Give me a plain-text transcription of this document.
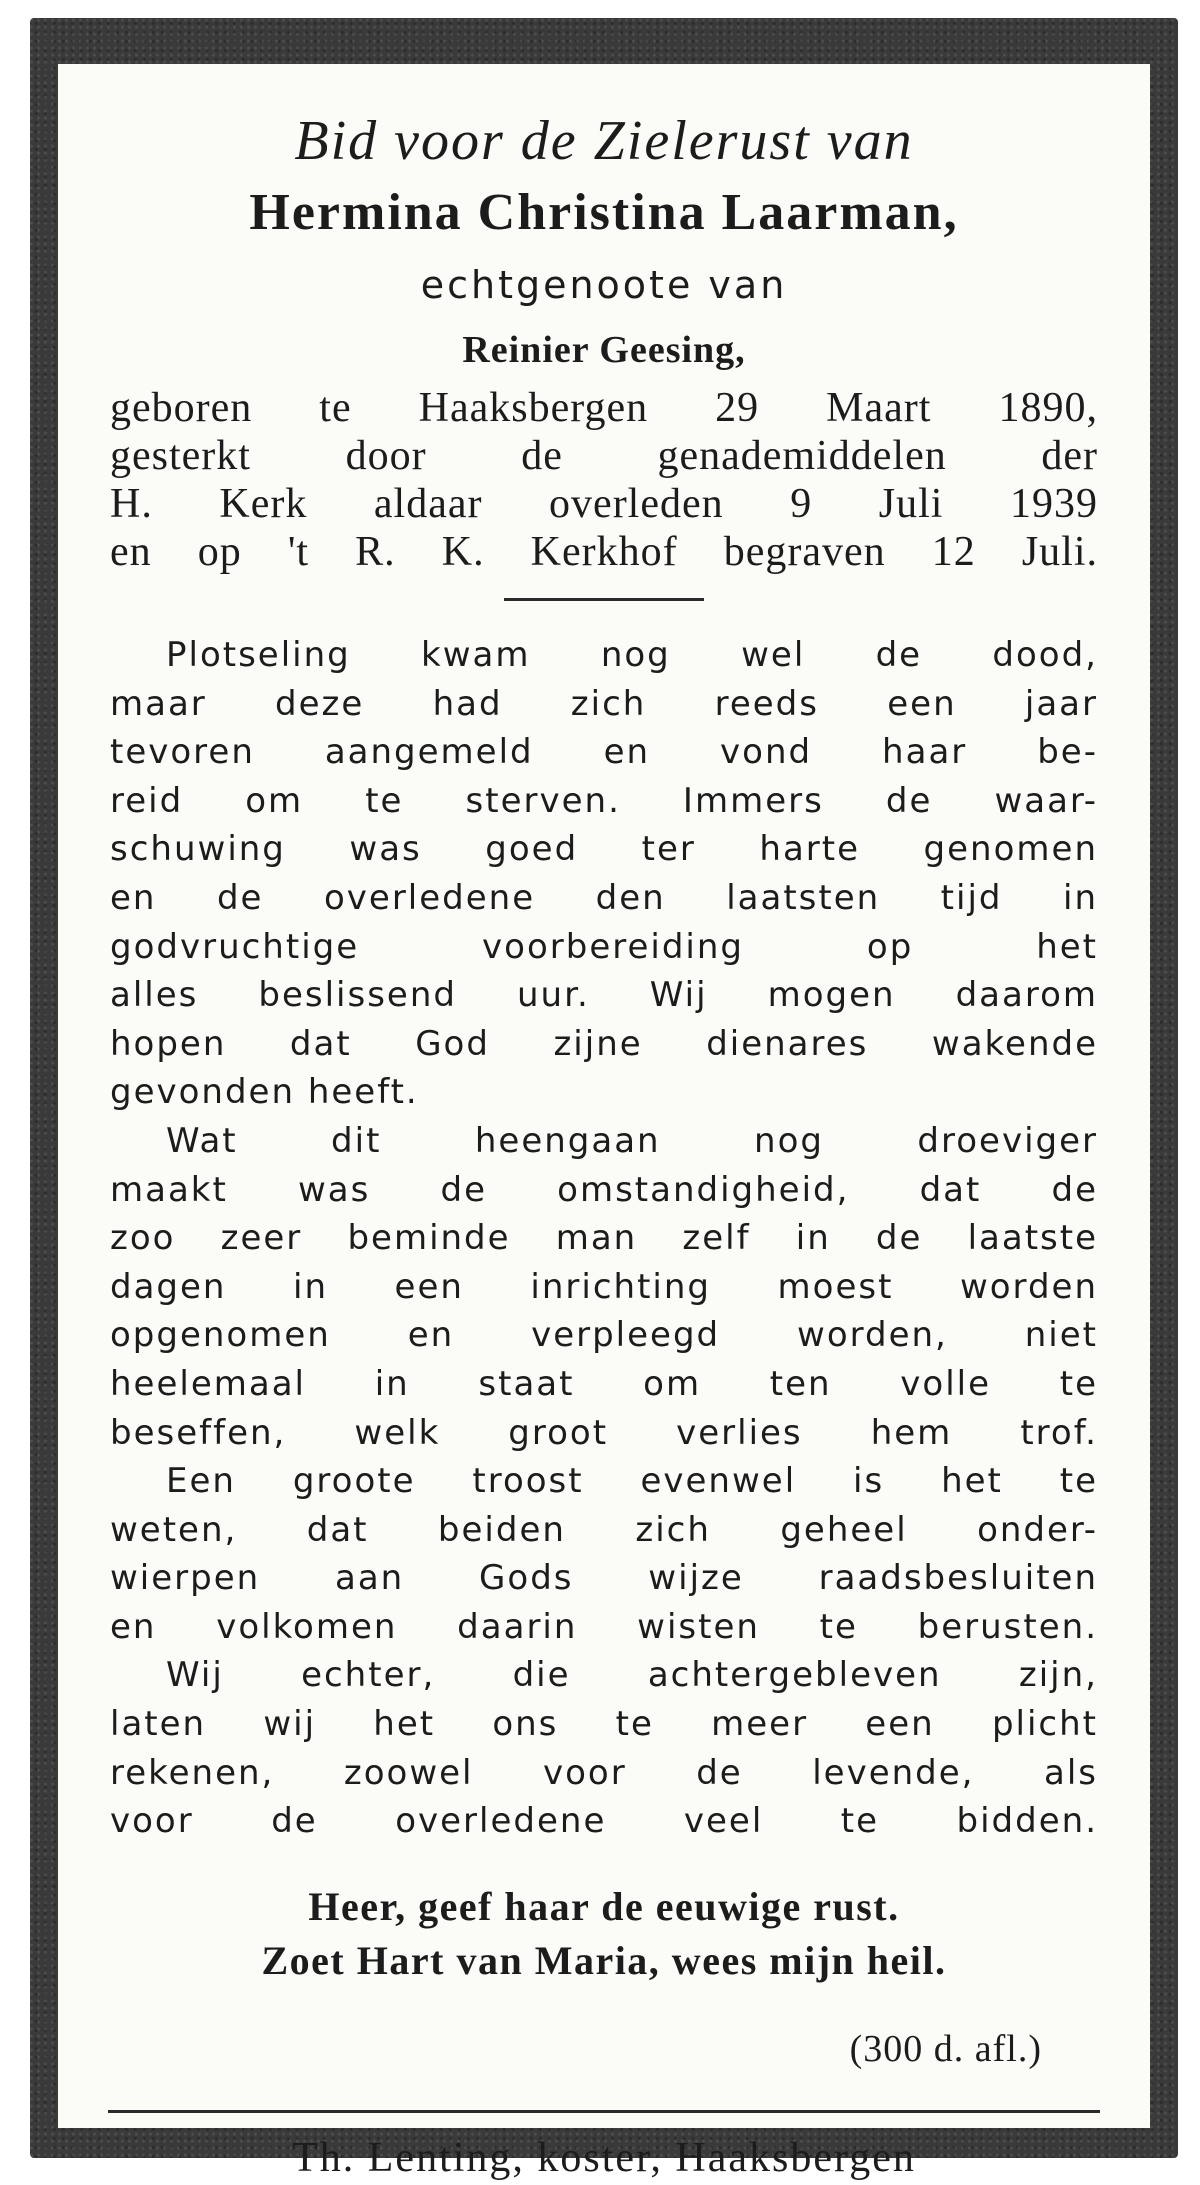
Bid voor de Zielerust van

Hermina Christina Laarman,

echtgenoote van

Reinier Geesing,

geboren te Haaksbergen 29 Maart 1890,
gesterkt door de genademiddelen der
H. Kerk aldaar overleden 9 Juli 1939
en op 't R. K. Kerkhof begraven 12 Juli.
Plotseling kwam nog wel de dood,
maar deze had zich reeds een jaar
tevoren aangemeld en vond haar be-
reid om te sterven. Immers de waar-
schuwing was goed ter harte genomen
en de overledene den laatsten tijd in
godvruchtige voorbereiding op het
alles beslissend uur. Wij mogen daarom
hopen dat God zijne dienares wakende
gevonden heeft.
Wat dit heengaan nog droeviger
maakt was de omstandigheid, dat de
zoo zeer beminde man zelf in de laatste
dagen in een inrichting moest worden
opgenomen en verpleegd worden, niet
heelemaal in staat om ten volle te
beseffen, welk groot verlies hem trof.
Een groote troost evenwel is het te
weten, dat beiden zich geheel onder-
wierpen aan Gods wijze raadsbesluiten
en volkomen daarin wisten te berusten.
Wij echter, die achtergebleven zijn,
laten wij het ons te meer een plicht
rekenen, zoowel voor de levende, als
voor de overledene veel te bidden.

Heer, geef haar de eeuwige rust.

Zoet Hart van Maria, wees mijn heil.

(300 d. afl.)

Th. Lenting, koster, Haaksbergen
